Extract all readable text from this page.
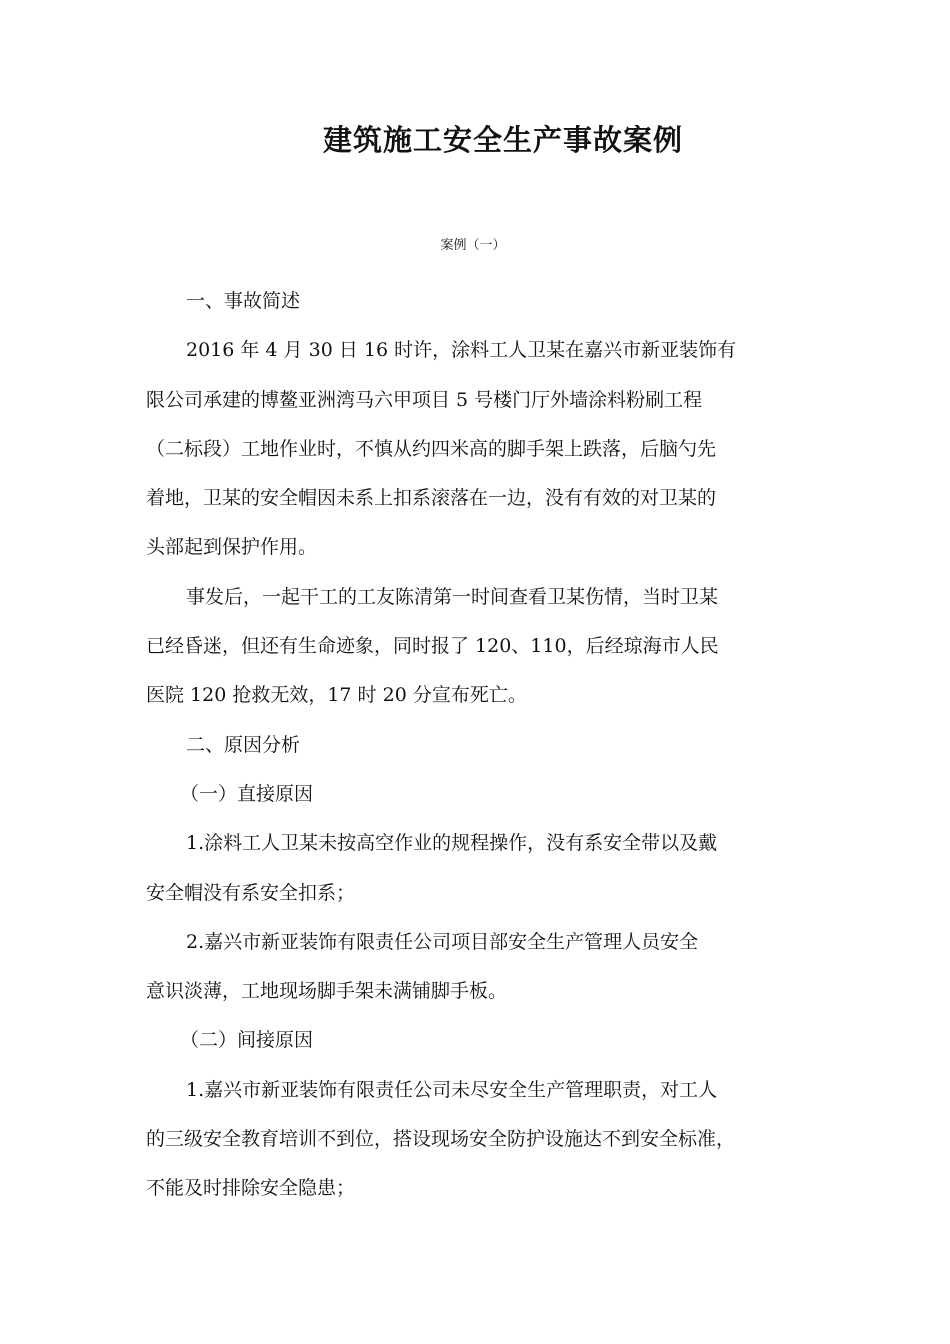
建筑施工安全生产事故案例

案例（一）

一、事故简述

2016 年 4 月 30 日 16 时许，涂料工人卫某在嘉兴市新亚装饰有

限公司承建的博鳌亚洲湾马六甲项目 5 号楼门厅外墙涂料粉刷工程

（二标段）工地作业时，不慎从约四米高的脚手架上跌落，后脑勺先

着地，卫某的安全帽因未系上扣系滚落在一边，没有有效的对卫某的

头部起到保护作用。

事发后，一起干工的工友陈清第一时间查看卫某伤情，当时卫某

已经昏迷，但还有生命迹象，同时报了 120、110，后经琼海市人民

医院 120 抢救无效，17 时 20 分宣布死亡。

二、原因分析

（一）直接原因

1.涂料工人卫某未按高空作业的规程操作，没有系安全带以及戴

安全帽没有系安全扣系；

2.嘉兴市新亚装饰有限责任公司项目部安全生产管理人员安全

意识淡薄，工地现场脚手架未满铺脚手板。

（二）间接原因

1.嘉兴市新亚装饰有限责任公司未尽安全生产管理职责，对工人

的三级安全教育培训不到位，搭设现场安全防护设施达不到安全标准，

不能及时排除安全隐患；
